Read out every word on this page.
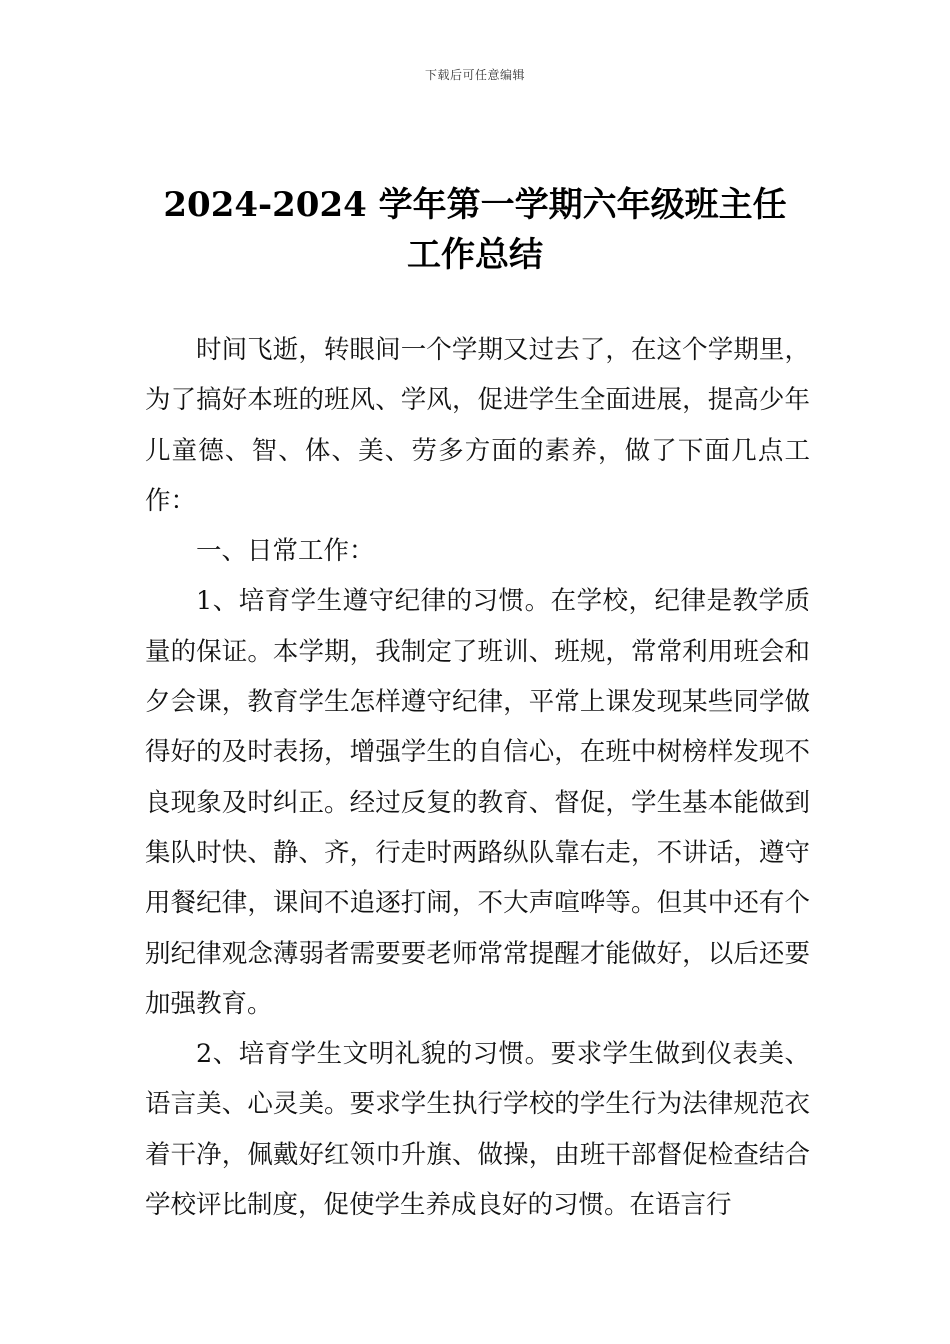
下载后可任意编辑
2024-2024 学年第一学期六年级班主任
工作总结

时间飞逝，转眼间一个学期又过去了，在这个学期里，为了搞好本班的班风、学风，促进学生全面进展，提高少年儿童德、智、体、美、劳多方面的素养，做了下面几点工作：

一、日常工作：

1、培育学生遵守纪律的习惯。在学校，纪律是教学质量的保证。本学期，我制定了班训、班规，常常利用班会和夕会课，教育学生怎样遵守纪律，平常上课发现某些同学做得好的及时表扬，增强学生的自信心，在班中树榜样发现不良现象及时纠正。经过反复的教育、督促，学生基本能做到集队时快、静、齐，行走时两路纵队靠右走，不讲话，遵守用餐纪律，课间不追逐打闹，不大声喧哗等。但其中还有个别纪律观念薄弱者需要要老师常常提醒才能做好，以后还要加强教育。

2、培育学生文明礼貌的习惯。要求学生做到仪表美、语言美、心灵美。要求学生执行学校的学生行为法律规范衣着干净，佩戴好红领巾升旗、做操，由班干部督促检查结合学校评比制度，促使学生养成良好的习惯。在语言行
